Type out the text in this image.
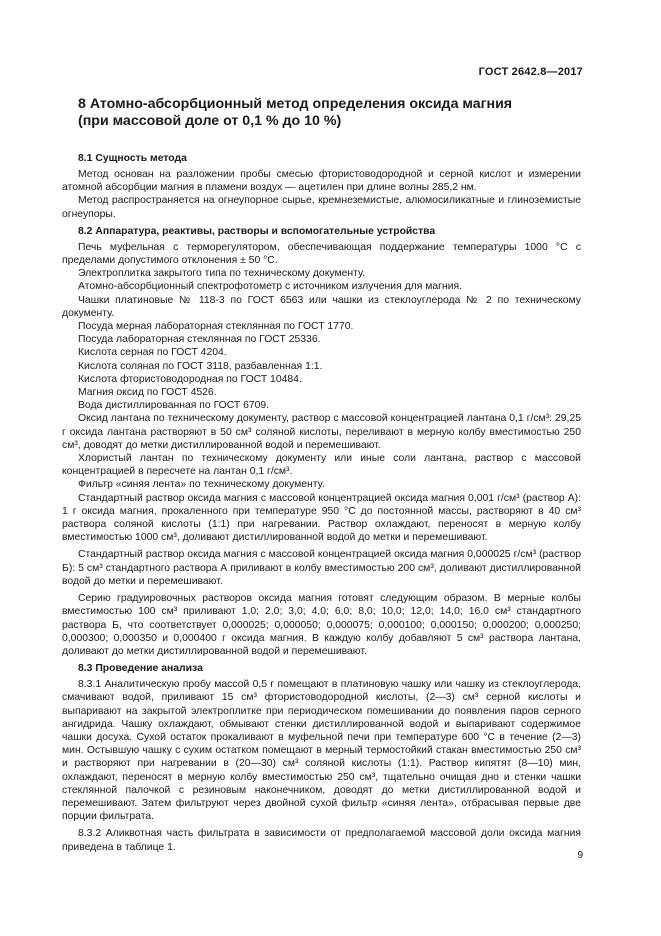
ГОСТ 2642.8—2017
8 Атомно-абсорбционный метод определения оксида магния
(при массовой доле от 0,1 % до 10 %)
8.1 Сущность метода

Метод основан на разложении пробы смесью фтористоводородной и серной кислот и измерении атомной абсорбции магния в пламени воздух — ацетилен при длине волны 285,2 нм.

Метод распространяется на огнеупорное сырье, кремнеземистые, алюмосиликатные и глиноземистые огнеупоры.

8.2 Аппаратура, реактивы, растворы и вспомогательные устройства

Печь муфельная с терморегулятором, обеспечивающая поддержание температуры 1000 °С с пределами допустимого отклонения ± 50 °С.

Электроплитка закрытого типа по техническому документу.

Атомно-абсорбционный спектрофотометр с источником излучения для магния.

Чашки платиновые № 118-3 по ГОСТ 6563 или чашки из стеклоуглерода № 2 по техническому документу.

Посуда мерная лабораторная стеклянная по ГОСТ 1770.

Посуда лабораторная стеклянная по ГОСТ 25336.

Кислота серная по ГОСТ 4204.

Кислота соляная по ГОСТ 3118, разбавленная 1:1.

Кислота фтористоводородная по ГОСТ 10484.

Магния оксид по ГОСТ 4526.

Вода дистиллированная по ГОСТ 6709.

Оксид лантана по техническому документу, раствор с массовой концентрацией лантана 0,1 г/см³: 29,25 г оксида лантана растворяют в 50 см³ соляной кислоты, переливают в мерную колбу вместимостью 250 см³, доводят до метки дистиллированной водой и перемешивают.

Хлористый лантан по техническому документу или иные соли лантана, раствор с массовой концентрацией в пересчете на лантан 0,1 г/см³.

Фильтр «синяя лента» по техническому документу.

Стандартный раствор оксида магния с массовой концентрацией оксида магния 0,001 г/см³ (раствор А): 1 г оксида магния, прокаленного при температуре 950 °С до постоянной массы, растворяют в 40 см³ раствора соляной кислоты (1:1) при нагревании. Раствор охлаждают, переносят в мерную колбу вместимостью 1000 см³, доливают дистиллированной водой до метки и перемешивают.

Стандартный раствор оксида магния с массовой концентрацией оксида магния 0,000025 г/см³ (раствор Б): 5 см³ стандартного раствора А приливают в колбу вместимостью 200 см³, доливают дистиллированной водой до метки и перемешивают.

Серию градуировочных растворов оксида магния готовят следующим образом. В мерные колбы вместимостью 100 см³ приливают 1,0; 2,0; 3,0; 4,0; 6,0; 8,0; 10,0; 12,0; 14,0; 16,0 см³ стандартного раствора Б, что соответствует 0,000025; 0,000050; 0,000075; 0,000100; 0,000150; 0,000200; 0,000250; 0,000300; 0,000350 и 0,000400 г оксида магния. В каждую колбу добавляют 5 см³ раствора лантана, доливают до метки дистиллированной водой и перемешивают.

8.3 Проведение анализа

8.3.1 Аналитическую пробу массой 0,5 г помещают в платиновую чашку или чашку из стеклоуглерода, смачивают водой, приливают 15 см³ фтористоводородной кислоты, (2—3) см³ серной кислоты и выпаривают на закрытой электроплитке при периодическом помешивании до появления паров серного ангидрида. Чашку охлаждают, обмывают стенки дистиллированной водой и выпаривают содержимое чашки досуха. Сухой остаток прокаливают в муфельной печи при температуре 600 °С в течение (2—3) мин. Остывшую чашку с сухим остатком помещают в мерный термостойкий стакан вместимостью 250 см³ и растворяют при нагревании в (20—30) см³ соляной кислоты (1:1). Раствор кипятят (8—10) мин, охлаждают, переносят в мерную колбу вместимостью 250 см³, тщательно очищая дно и стенки чашки стеклянной палочкой с резиновым наконечником, доводят до метки дистиллированной водой и перемешивают. Затем фильтруют через двойной сухой фильтр «синяя лента», отбрасывая первые две порции фильтрата.

8.3.2 Аликвотная часть фильтрата в зависимости от предполагаемой массовой доли оксида магния приведена в таблице 1.

9
